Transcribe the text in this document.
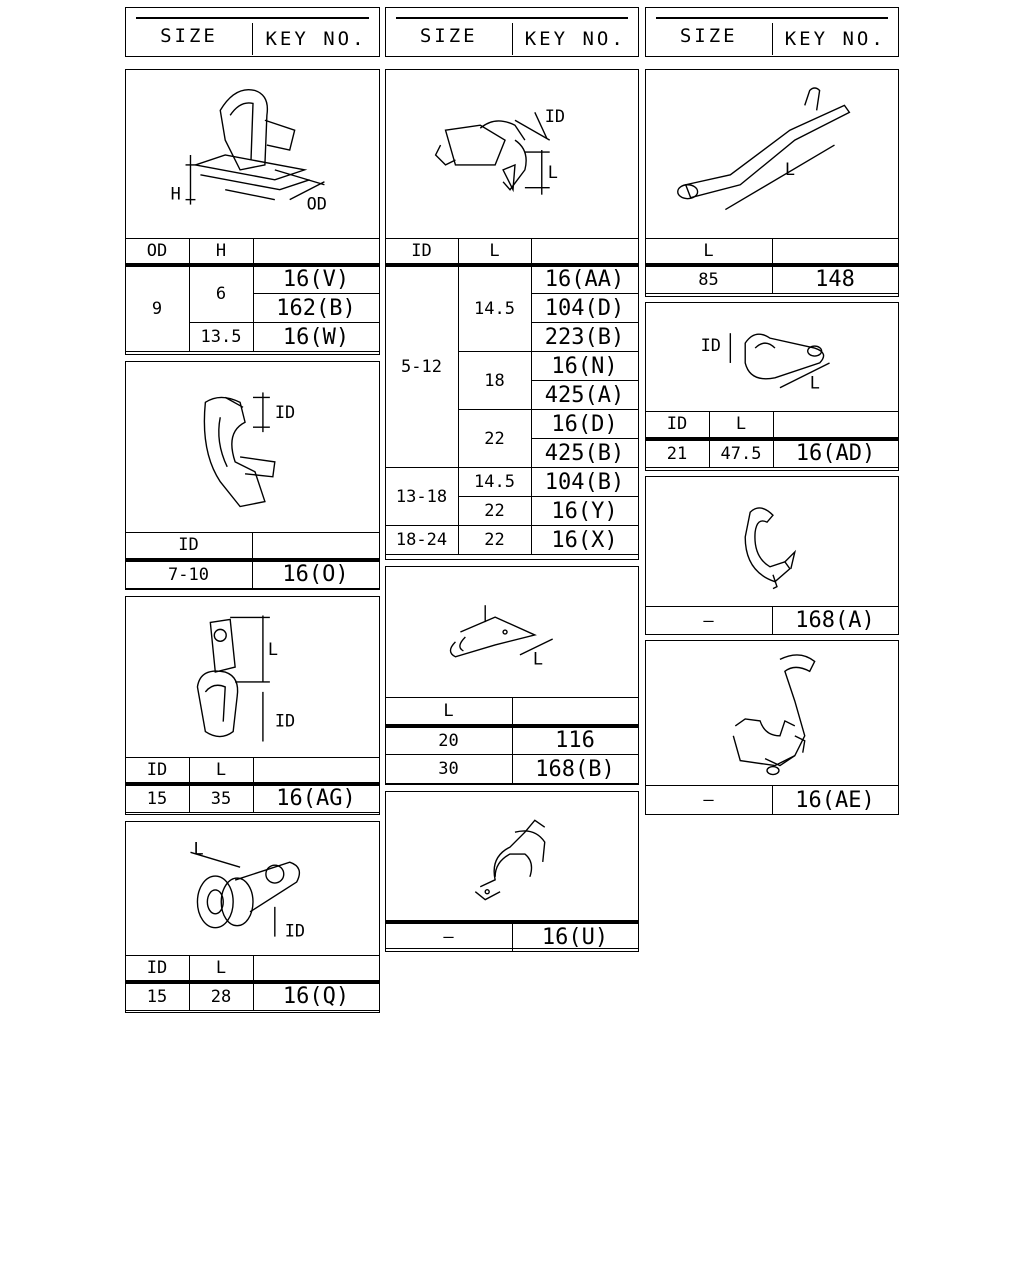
SIZE	KEY NO.	SIZE	KEY NO.	SIZE	KEY NO.
H	OD
OD	H	
9	6	16(V)
		162(B)
	13.5	16(W)
ID
ID	
7-10	16(O)
L
ID
ID	L	
15	35	16(AG)
L
ID
ID	L	
15	28	16(Q)
ID
L
ID	L	
5-12	14.5	16(AA)
		104(D)
		223(B)
	18	16(N)
		425(A)
	22	16(D)
		425(B)
13-18	14.5	104(B)
	22	16(Y)
18-24	22	16(X)
L
L	
20	116
30	168(B)
—	16(U)
L
L	
85	148
ID
L
ID	L	
21	47.5	16(AD)
—	168(A)
—	16(AE)
